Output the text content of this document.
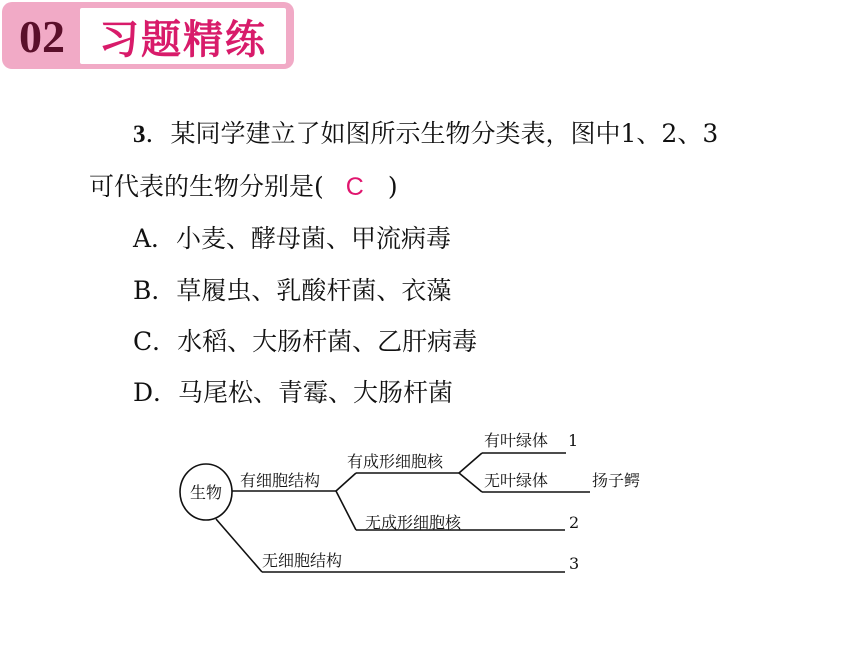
02 习题精练
3．某同学建立了如图所示生物分类表，图中1、2、3
可代表的生物分别是( C )
A．小麦、酵母菌、甲流病毒
B．草履虫、乳酸杆菌、衣藻
C．水稻、大肠杆菌、乙肝病毒
D．马尾松、青霉、大肠杆菌
生物
有细胞结构
有成形细胞核
有叶绿体 1
无叶绿体	扬子鳄
无成形细胞核	2
无细胞结构	3
